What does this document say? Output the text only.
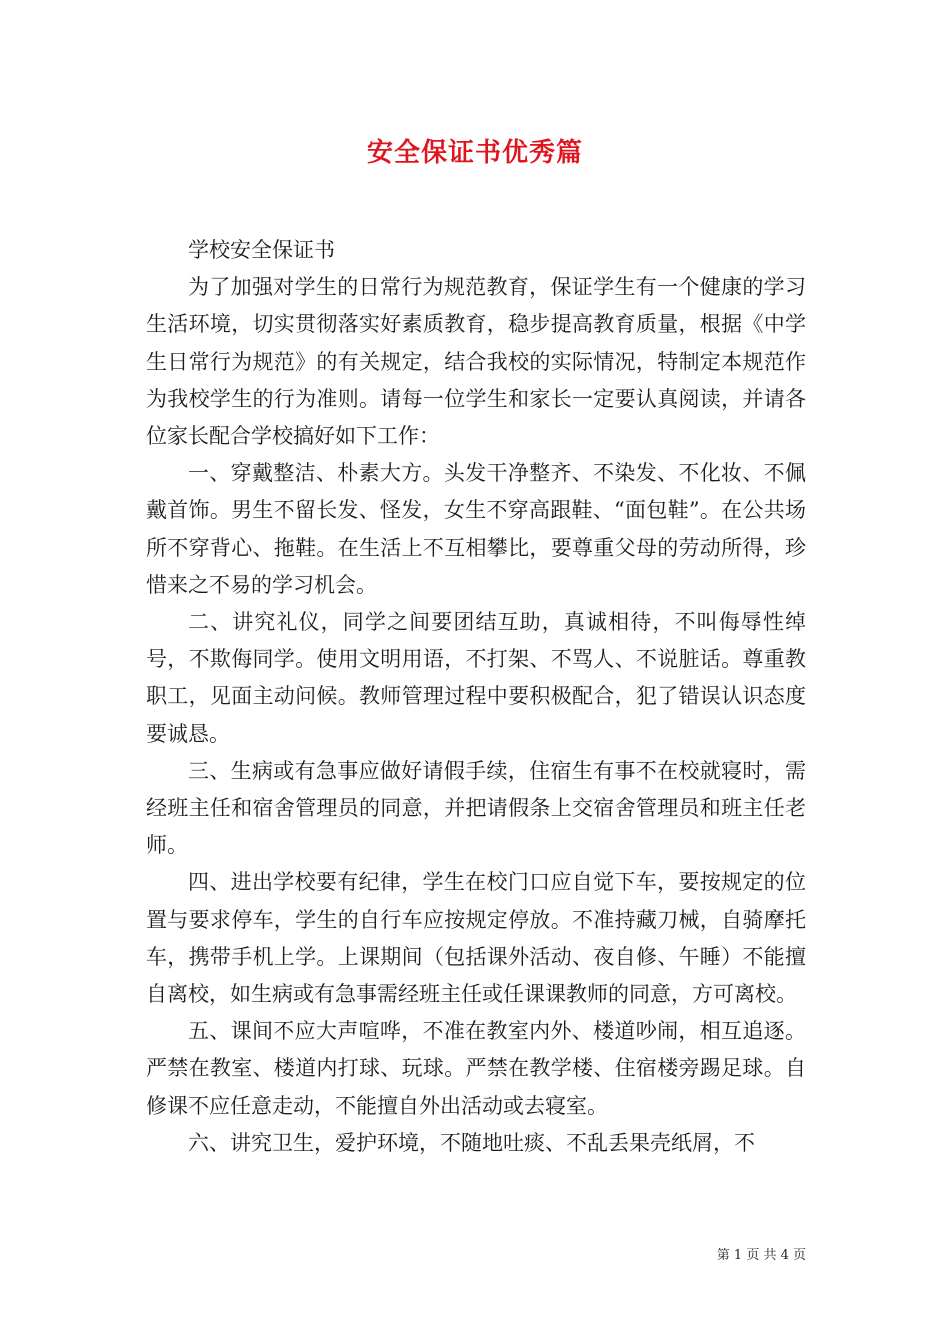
安全保证书优秀篇

学校安全保证书

为了加强对学生的日常行为规范教育，保证学生有一个健康的学习生活环境，切实贯彻落实好素质教育，稳步提高教育质量，根据《中学生日常行为规范》的有关规定，结合我校的实际情况，特制定本规范作为我校学生的行为准则。请每一位学生和家长一定要认真阅读，并请各位家长配合学校搞好如下工作：

一、穿戴整洁、朴素大方。头发干净整齐、不染发、不化妆、不佩戴首饰。男生不留长发、怪发，女生不穿高跟鞋、“面包鞋”。在公共场所不穿背心、拖鞋。在生活上不互相攀比，要尊重父母的劳动所得，珍惜来之不易的学习机会。

二、讲究礼仪，同学之间要团结互助，真诚相待，不叫侮辱性绰号，不欺侮同学。使用文明用语，不打架、不骂人、不说脏话。尊重教职工，见面主动问候。教师管理过程中要积极配合，犯了错误认识态度要诚恳。

三、生病或有急事应做好请假手续，住宿生有事不在校就寝时，需经班主任和宿舍管理员的同意，并把请假条上交宿舍管理员和班主任老师。

四、进出学校要有纪律，学生在校门口应自觉下车，要按规定的位置与要求停车，学生的自行车应按规定停放。不准持藏刀械，自骑摩托车，携带手机上学。上课期间（包括课外活动、夜自修、午睡）不能擅自离校，如生病或有急事需经班主任或任课课教师的同意，方可离校。

五、课间不应大声喧哗，不准在教室内外、楼道吵闹，相互追逐。严禁在教室、楼道内打球、玩球。严禁在教学楼、住宿楼旁踢足球。自修课不应任意走动，不能擅自外出活动或去寝室。

六、讲究卫生，爱护环境，不随地吐痰、不乱丢果壳纸屑，不

第 1 页 共 4 页
